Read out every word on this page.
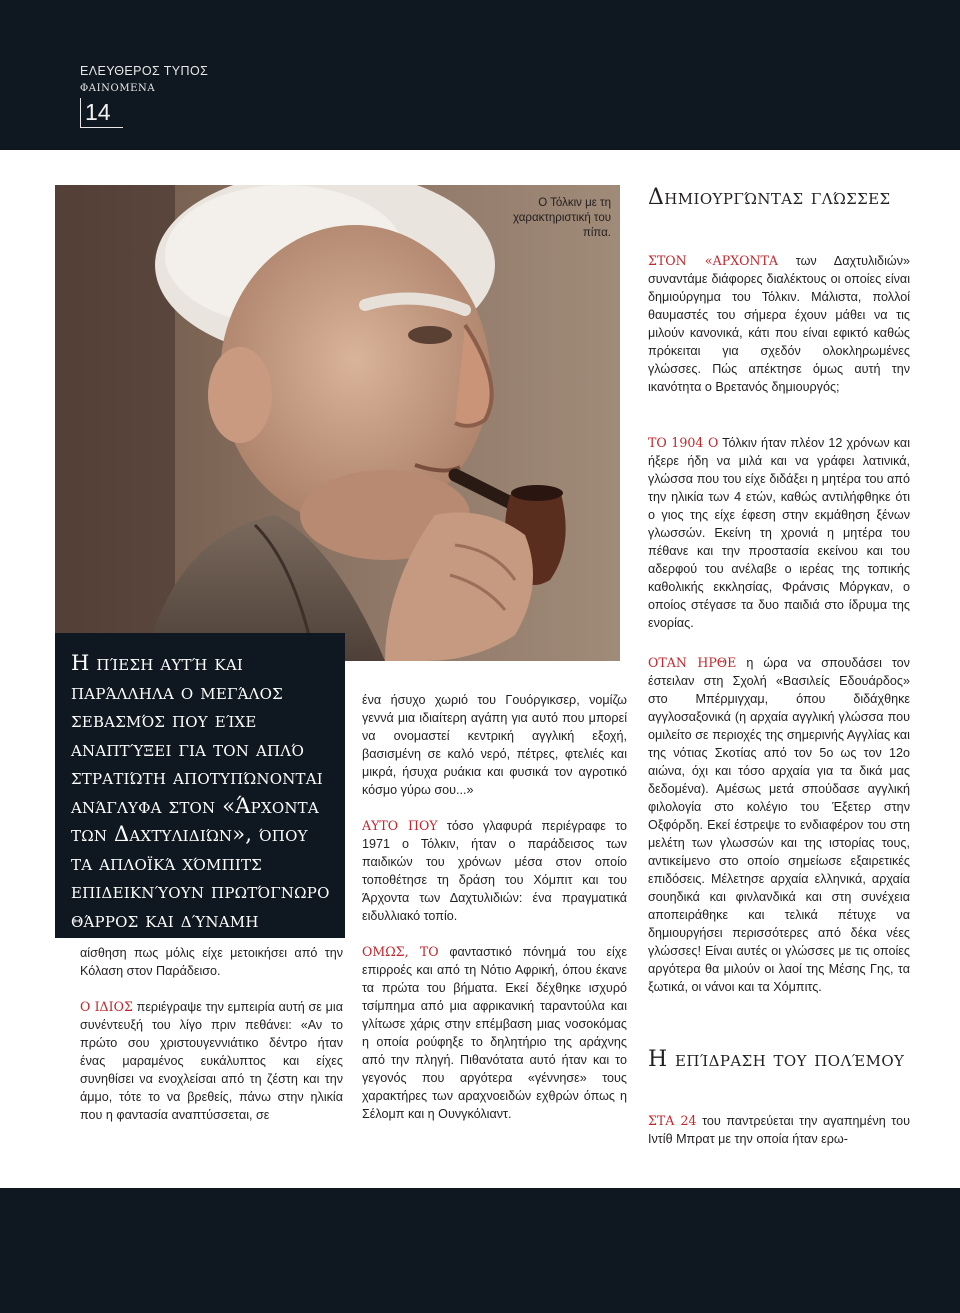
ΕΛΕΥΘΕΡΟΣ ΤΥΠΟΣ
ΦΑΙΝΟΜΕΝΑ
14
Ο Τόλκιν με τη χαρακτηριστική του πίπα.
Η πίεση αυτή και παράλληλα ο μεγάλος σεβασμός που είχε αναπτύξει για τον απλό στρατιώτη αποτυπώνονται ανάγλυφα στον «Άρχοντα των Δαχτυλιδιών», όπου τα απλοϊκά χόμπιτς επιδεικνύουν πρωτόγνωρο θάρρος και δύναμη

αίσθηση πως μόλις είχε μετοικήσει από την Κόλαση στον Παράδεισο.

Ο ΙΔΙΟΣ περιέγραψε την εμπειρία αυτή σε μια συνέντευξή του λίγο πριν πεθάνει: «Αν το πρώτο σου χριστουγεννιάτικο δέντρο ήταν ένας μαραμένος ευκάλυπτος και είχες συνηθίσει να ενοχλείσαι από τη ζέστη και την άμμο, τότε το να βρεθείς, πάνω στην ηλικία που η φαντασία αναπτύσσεται, σε

ένα ήσυχο χωριό του Γουόργικσερ, νομίζω γεννά μια ιδιαίτερη αγάπη για αυτό που μπορεί να ονομαστεί κεντρική αγγλική εξοχή, βασισμένη σε καλό νερό, πέτρες, φτελιές και μικρά, ήσυχα ρυάκια και φυσικά τον αγροτικό κόσμο γύρω σου...»

ΑΥΤΟ ΠΟΥ τόσο γλαφυρά περιέγραφε το 1971 ο Τόλκιν, ήταν ο παράδεισος των παιδικών του χρόνων μέσα στον οποίο τοποθέτησε τη δράση του Χόμπιτ και του Άρχοντα των Δαχτυλιδιών: ένα πραγματικά ειδυλλιακό τοπίο.

ΟΜΩΣ, ΤΟ φανταστικό πόνημά του είχε επιρροές και από τη Νότιο Αφρική, όπου έκανε τα πρώτα του βήματα. Εκεί δέχθηκε ισχυρό τσίμπημα από μια αφρικανική ταραντούλα και γλίτωσε χάρις στην επέμβαση μιας νοσοκόμας η οποία ρούφηξε το δηλητήριο της αράχνης από την πληγή. Πιθανότατα αυτό ήταν και το γεγονός που αργότερα «γέννησε» τους χαρακτήρες των αραχνοειδών εχθρών όπως η Σέλομπ και η Ουνγκόλιαντ.

Δημιουργώντας γλώσσες

ΣΤΟΝ «ΑΡΧΟΝΤΑ των Δαχτυλιδιών» συναντάμε διάφορες διαλέκτους οι οποίες είναι δημιούργημα του Τόλκιν. Μάλιστα, πολλοί θαυμαστές του σήμερα έχουν μάθει να τις μιλούν κανονικά, κάτι που είναι εφικτό καθώς πρόκειται για σχεδόν ολοκληρωμένες γλώσσες. Πώς απέκτησε όμως αυτή την ικανότητα ο Βρετανός δημιουργός;

ΤΟ 1904 Ο Τόλκιν ήταν πλέον 12 χρόνων και ήξερε ήδη να μιλά και να γράφει λατινικά, γλώσσα που του είχε διδάξει η μητέρα του από την ηλικία των 4 ετών, καθώς αντιλήφθηκε ότι ο γιος της είχε έφεση στην εκμάθηση ξένων γλωσσών. Εκείνη τη χρονιά η μητέρα του πέθανε και την προστασία εκείνου και του αδερφού του ανέλαβε ο ιερέας της τοπικής καθολικής εκκλησίας, Φράνσις Μόργκαν, ο οποίος στέγασε τα δυο παιδιά στο ίδρυμα της ενορίας.

ΟΤΑΝ ΗΡΘΕ η ώρα να σπουδάσει τον έστειλαν στη Σχολή «Βασιλείς Εδουάρδος» στο Μπέρμιγχαμ, όπου διδάχθηκε αγγλοσαξονικά (η αρχαία αγγλική γλώσσα που ομιλείτο σε περιοχές της σημερινής Αγγλίας και της νότιας Σκοτίας από τον 5ο ως τον 12ο αιώνα, όχι και τόσο αρχαία για τα δικά μας δεδομένα). Αμέσως μετά σπούδασε αγγλική φιλολογία στο κολέγιο του Έξετερ στην Οξφόρδη. Εκεί έστρεψε το ενδιαφέρον του στη μελέτη των γλωσσών και της ιστορίας τους, αντικείμενο στο οποίο σημείωσε εξαιρετικές επιδόσεις. Μέλετησε αρχαία ελληνικά, αρχαία σουηδικά και φινλανδικά και στη συνέχεια αποπειράθηκε και τελικά πέτυχε να δημιουργήσει περισσότερες από δέκα νέες γλώσσες! Είναι αυτές οι γλώσσες με τις οποίες αργότερα θα μιλούν οι λαοί της Μέσης Γης, τα ξωτικά, οι νάνοι και τα Χόμπιτς.

Η επίδραση του πολέμου

ΣΤΑ 24 του παντρεύεται την αγαπημένη του Ιντίθ Μπρατ με την οποία ήταν ερω-
